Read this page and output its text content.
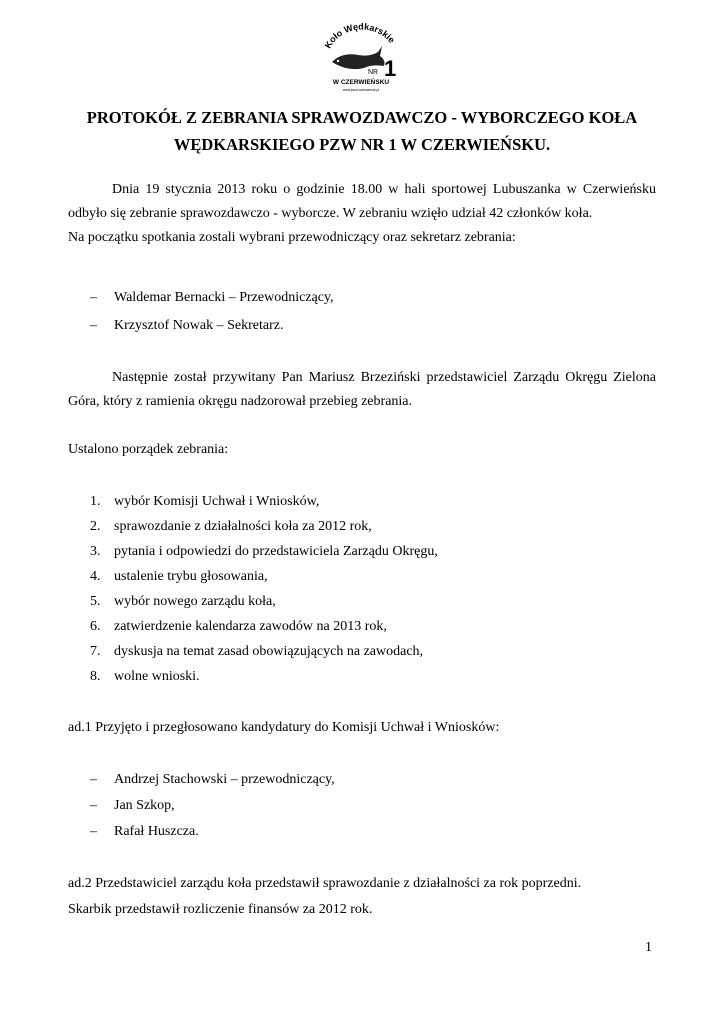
Koło Wędkarskie
1
NR
W CZERWIEŃSKU
www.pzw1czerwiensk.pl
PROTOKÓŁ Z ZEBRANIA SPRAWOZDAWCZO - WYBORCZEGO KOŁA
WĘDKARSKIEGO PZW NR 1 W CZERWIEŃSKU.
Dnia 19 stycznia 2013 roku o godzinie 18.00 w hali sportowej Lubuszanka w Czerwieńsku odbyło się zebranie sprawozdawczo - wyborcze. W zebraniu wzięło udział 42 członków koła.
Na początku spotkania zostali wybrani przewodniczący oraz sekretarz zebrania:
– Waldemar Bernacki – Przewodniczący,
– Krzysztof Nowak – Sekretarz.
Następnie został przywitany Pan Mariusz Brzeziński przedstawiciel Zarządu Okręgu Zielona Góra, który z ramienia okręgu nadzorował przebieg zebrania.
Ustalono porządek zebrania:
1. wybór Komisji Uchwał i Wniosków,
2. sprawozdanie z działalności koła za 2012 rok,
3. pytania i odpowiedzi do przedstawiciela Zarządu Okręgu,
4. ustalenie trybu głosowania,
5. wybór nowego zarządu koła,
6. zatwierdzenie kalendarza zawodów na 2013 rok,
7. dyskusja na temat zasad obowiązujących na zawodach,
8. wolne wnioski.
ad.1 Przyjęto i przegłosowano kandydatury do Komisji Uchwał i Wniosków:
– Andrzej Stachowski – przewodniczący,
– Jan Szkop,
– Rafał Huszcza.
ad.2 Przedstawiciel zarządu koła przedstawił sprawozdanie z działalności za rok poprzedni.
Skarbik przedstawił rozliczenie finansów za 2012 rok.
1
